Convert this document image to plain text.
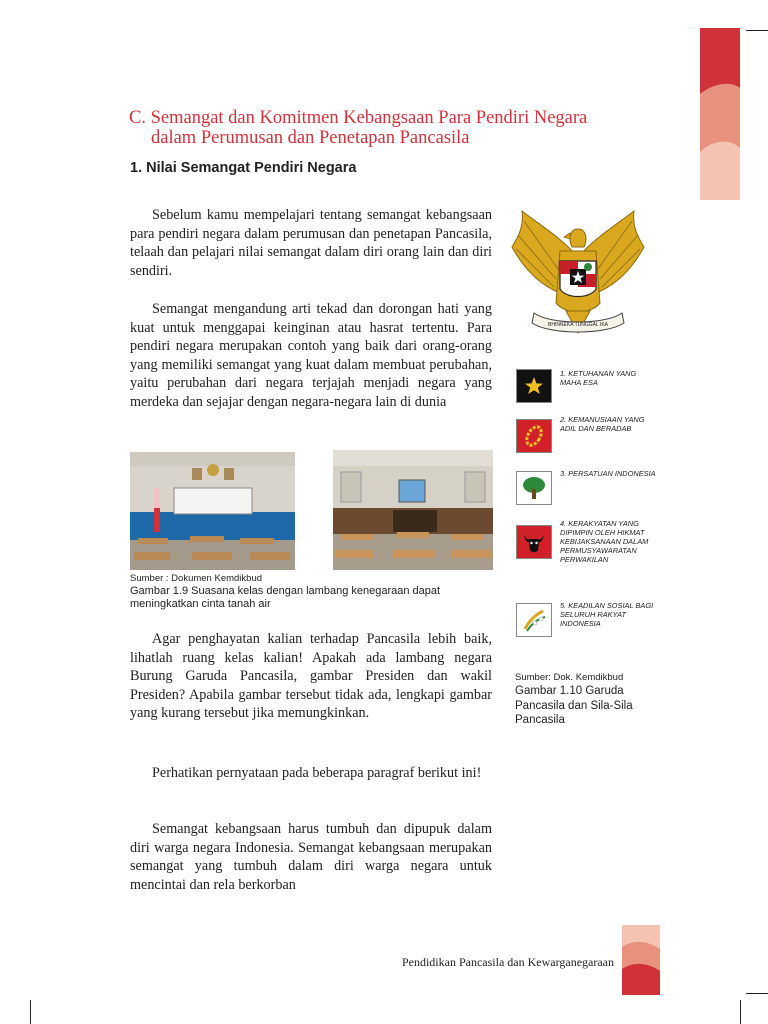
C. Semangat dan Komitmen Kebangsaan Para Pendiri Negara
dalam Perumusan dan Penetapan Pancasila
1. Nilai Semangat Pendiri Negara

Sebelum kamu mempelajari tentang semangat kebangsaan para pendiri negara dalam perumusan dan penetapan Pancasila, telaah dan pelajari nilai semangat dalam diri orang lain dan diri sendiri.

Semangat mengandung arti tekad dan dorongan hati yang kuat untuk menggapai keinginan atau hasrat tertentu. Para pendiri negara merupakan contoh yang baik dari orang-orang yang memiliki semangat yang kuat dalam membuat perubahan, yaitu perubahan dari negara terjajah menjadi negara yang merdeka dan sejajar dengan negara-negara lain di dunia

Sumber : Dokumen Kemdikbud
Gambar 1.9 Suasana kelas dengan lambang kenegaraan dapat meningkatkan cinta tanah air

Agar penghayatan kalian terhadap Pancasila lebih baik, lihatlah ruang kelas kalian! Apakah ada lambang negara Burung Garuda Pancasila, gambar Presiden dan wakil Presiden? Apabila gambar tersebut tidak ada, lengkapi gambar yang kurang tersebut jika memungkinkan.

Perhatikan pernyataan pada beberapa paragraf berikut ini!

Semangat kebangsaan harus tumbuh dan dipupuk dalam diri warga negara Indonesia. Semangat kebangsaan merupakan semangat yang tumbuh dalam diri warga negara untuk mencintai dan rela berkorban

BHINNEKA TUNGGAL IKA
1. KETUHANAN YANG MAHA ESA
2. KEMANUSIAAN YANG ADIL DAN BERADAB
3. PERSATUAN INDONESIA
4. KERAKYATAN YANG DIPIMPIN OLEH HIKMAT KEBIJAKSANAAN DALAM PERMUSYAWARATAN PERWAKILAN
5. KEADILAN SOSIAL BAGI SELURUH RAKYAT INDONESIA
Sumber: Dok. Kemdikbud
Gambar 1.10 Garuda Pancasila dan Sila-Sila Pancasila
Pendidikan Pancasila dan Kewarganegaraan
